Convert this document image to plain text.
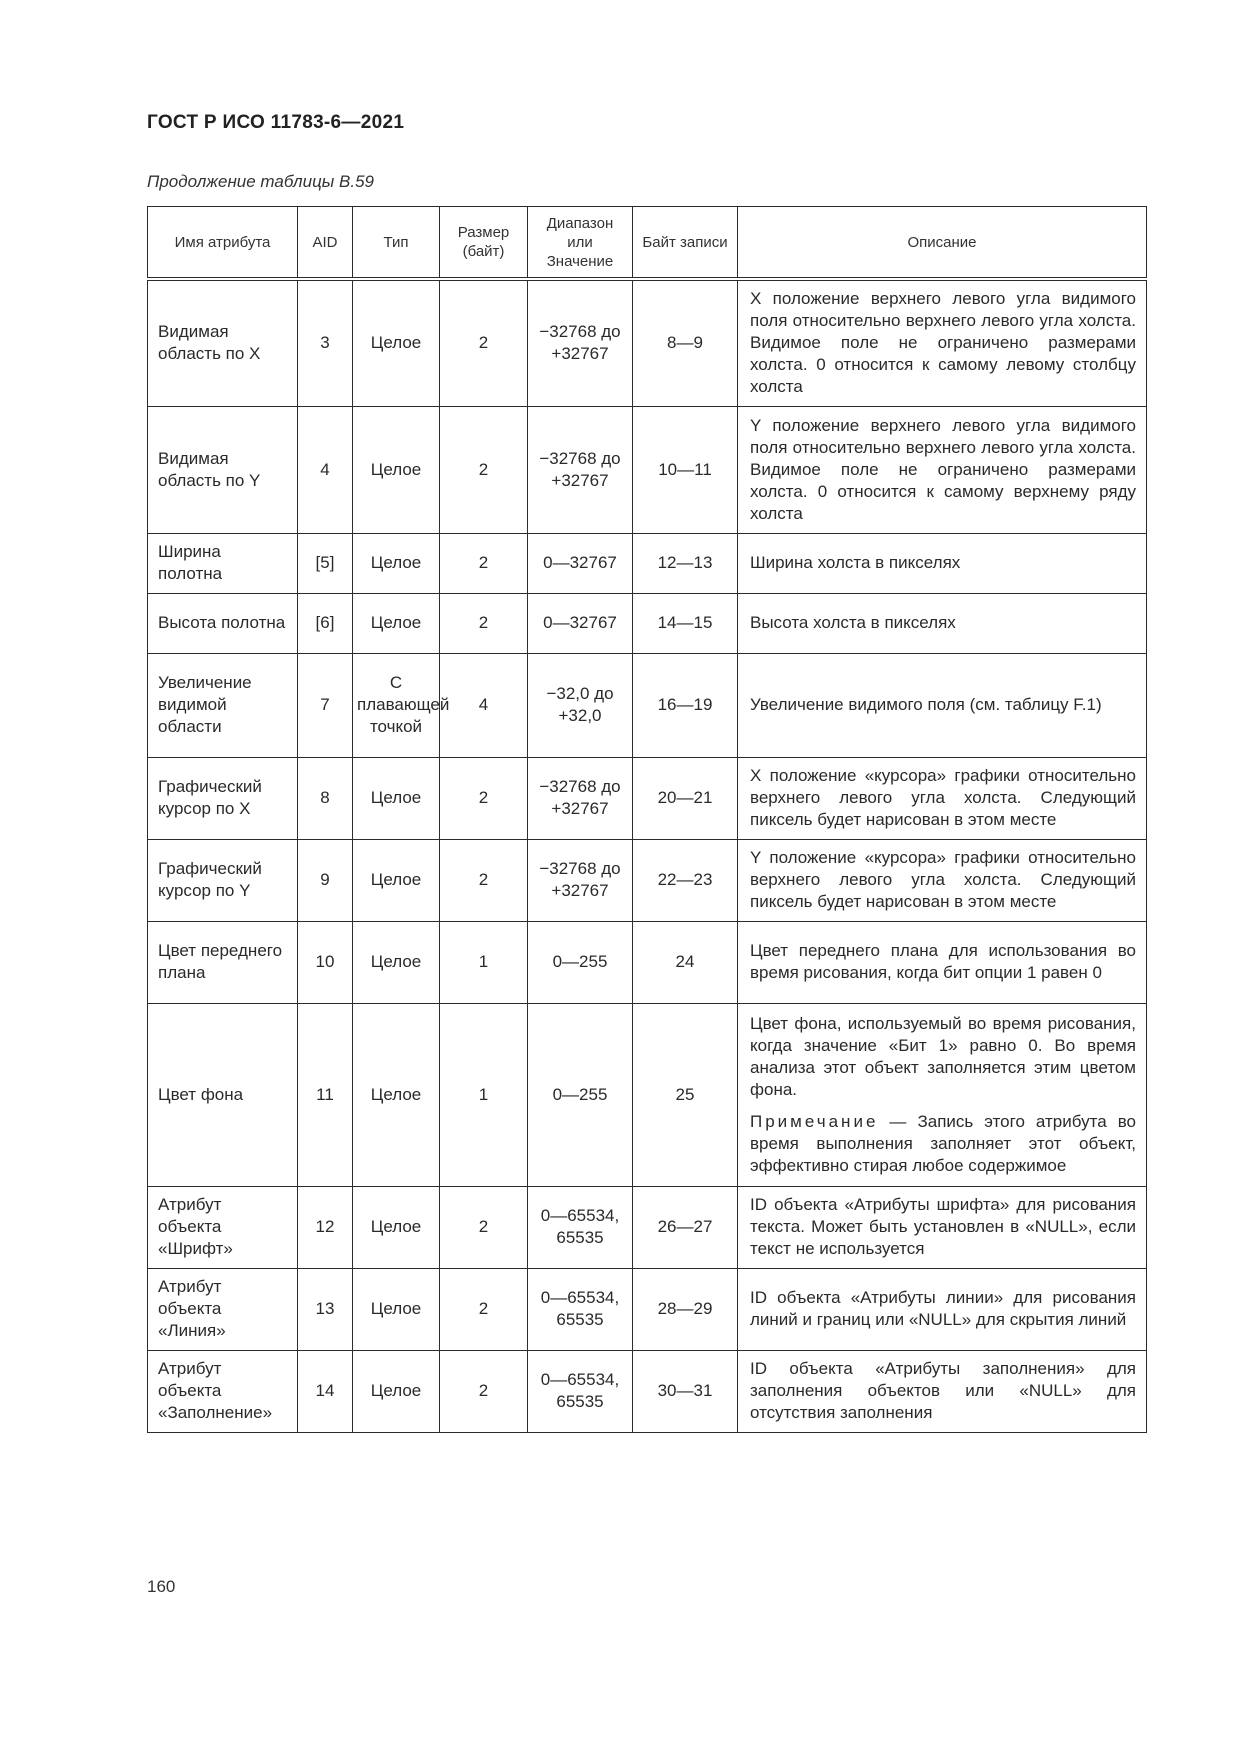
ГОСТ Р ИСО 11783-6—2021
Продолжение таблицы В.59
Имя атрибута	AID	Тип	Размер (байт)	Диапазон или Значение	Байт записи	Описание
Видимая область по X	3	Целое	2	−32768 до +32767	8—9	X положение верхнего левого угла видимого поля относительно верхнего левого угла холста. Видимое поле не ограничено размерами холста. 0 относится к самому левому столбцу холста
Видимая область по Y	4	Целое	2	−32768 до +32767	10—11	Y положение верхнего левого угла видимого поля относительно верхнего левого угла холста. Видимое поле не ограничено размерами холста. 0 относится к самому верхнему ряду холста
Ширина полотна	[5]	Целое	2	0—32767	12—13	Ширина холста в пикселях
Высота полотна	[6]	Целое	2	0—32767	14—15	Высота холста в пикселях
Увеличение видимой области	7	С плавающей точкой	4	−32,0 до +32,0	16—19	Увеличение видимого поля (см. таблицу F.1)
Графический курсор по X	8	Целое	2	−32768 до +32767	20—21	X положение «курсора» графики относительно верхнего левого угла холста. Следующий пиксель будет нарисован в этом месте
Графический курсор по Y	9	Целое	2	−32768 до +32767	22—23	Y положение «курсора» графики относительно верхнего левого угла холста. Следующий пиксель будет нарисован в этом месте
Цвет переднего плана	10	Целое	1	0—255	24	Цвет переднего плана для использования во время рисования, когда бит опции 1 равен 0
Цвет фона	11	Целое	1	0—255	25	Цвет фона, используемый во время рисования, когда значение «Бит 1» равно 0. Во время анализа этот объект заполняется этим цветом фона.
Примечание — Запись этого атрибута во время выполнения заполняет этот объект, эффективно стирая любое содержимое

Атрибут объекта «Шрифт»	12	Целое	2	0—65534, 65535	26—27	ID объекта «Атрибуты шрифта» для рисования текста. Может быть установлен в «NULL», если текст не используется
Атрибут объекта «Линия»	13	Целое	2	0—65534, 65535	28—29	ID объекта «Атрибуты линии» для рисования линий и границ или «NULL» для скрытия линий
Атрибут объекта «Заполнение»	14	Целое	2	0—65534, 65535	30—31	ID объекта «Атрибуты заполнения» для заполнения объектов или «NULL» для отсутствия заполнения
160
